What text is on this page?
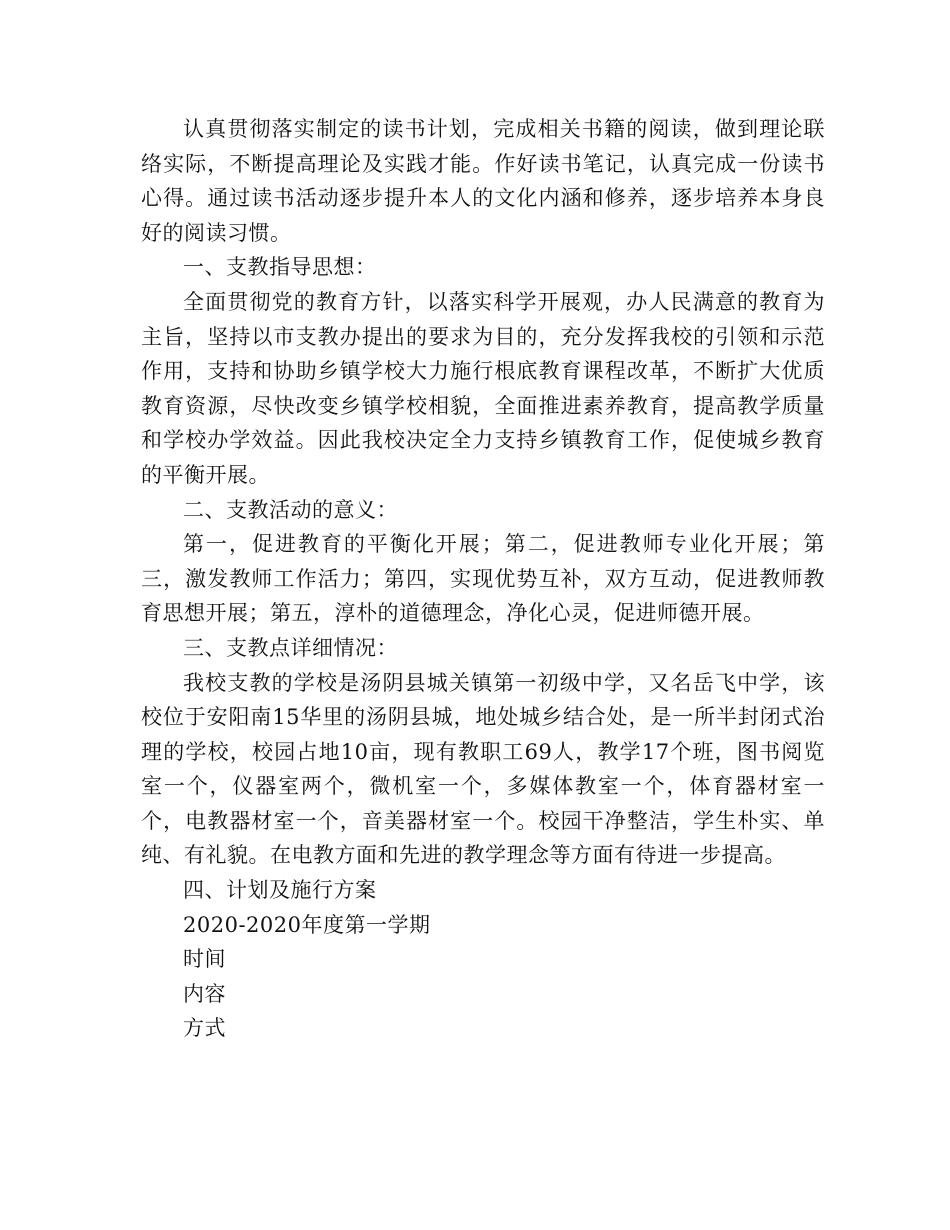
认真贯彻落实制定的读书计划，完成相关书籍的阅读，做到理论联络实际，不断提高理论及实践才能。作好读书笔记，认真完成一份读书心得。通过读书活动逐步提升本人的文化内涵和修养，逐步培养本身良好的阅读习惯。

一、支教指导思想：

全面贯彻党的教育方针，以落实科学开展观，办人民满意的教育为主旨，坚持以市支教办提出的要求为目的，充分发挥我校的引领和示范作用，支持和协助乡镇学校大力施行根底教育课程改革，不断扩大优质教育资源，尽快改变乡镇学校相貌，全面推进素养教育，提高教学质量和学校办学效益。因此我校决定全力支持乡镇教育工作，促使城乡教育的平衡开展。

二、支教活动的意义：

第一，促进教育的平衡化开展；第二，促进教师专业化开展；第三，激发教师工作活力；第四，实现优势互补，双方互动，促进教师教育思想开展；第五，淳朴的道德理念，净化心灵，促进师德开展。

三、支教点详细情况：

我校支教的学校是汤阴县城关镇第一初级中学，又名岳飞中学，该校位于安阳南15华里的汤阴县城，地处城乡结合处，是一所半封闭式治理的学校，校园占地10亩，现有教职工69人，教学17个班，图书阅览室一个，仪器室两个，微机室一个，多媒体教室一个，体育器材室一个，电教器材室一个，音美器材室一个。校园干净整洁，学生朴实、单纯、有礼貌。在电教方面和先进的教学理念等方面有待进一步提高。

四、计划及施行方案

2020-2020年度第一学期

时间

内容

方式
